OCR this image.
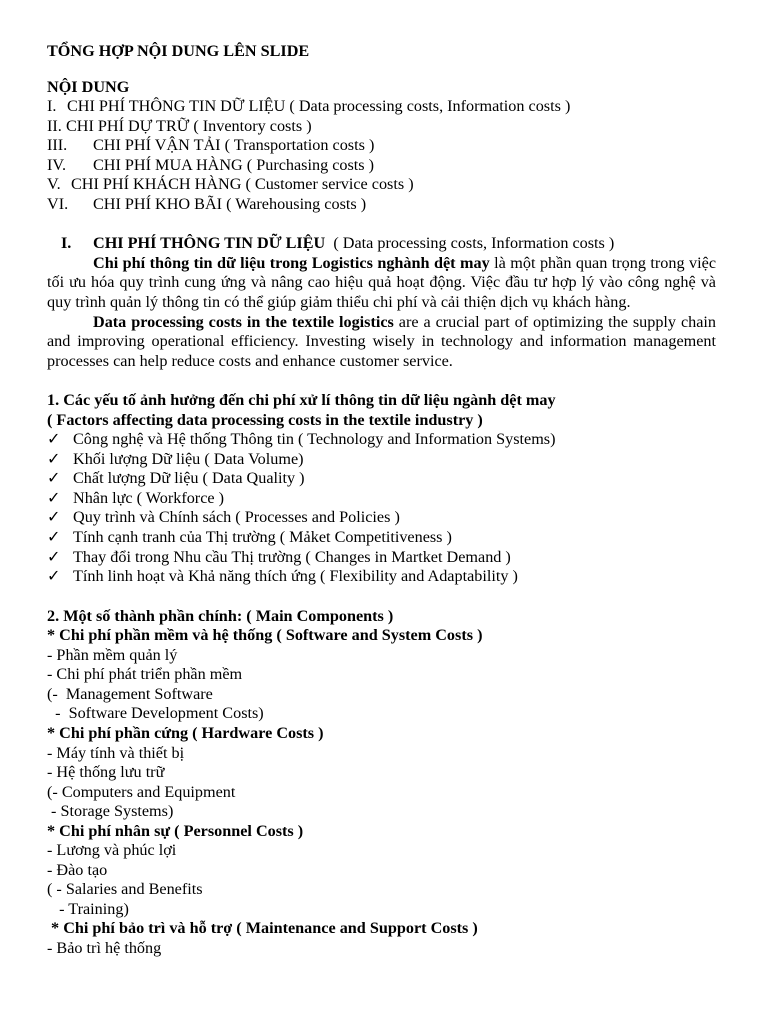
TỔNG HỢP NỘI DUNG LÊN SLIDE
NỘI DUNG
I. CHI PHÍ THÔNG TIN DỮ LIỆU ( Data processing costs, Information costs )
II. CHI PHÍ DỰ TRỮ ( Inventory costs )
III. CHI PHÍ VẬN TẢI ( Transportation costs )
IV. CHI PHÍ MUA HÀNG ( Purchasing costs )
V. CHI PHÍ KHÁCH HÀNG ( Customer service costs )
VI. CHI PHÍ KHO BÃI ( Warehousing costs )
I. CHI PHÍ THÔNG TIN DỮ LIỆU ( Data processing costs, Information costs )

Chi phí thông tin dữ liệu trong Logistics nghành dệt may là một phần quan trọng trong việc tối ưu hóa quy trình cung ứng và nâng cao hiệu quả hoạt động. Việc đầu tư hợp lý vào công nghệ và quy trình quản lý thông tin có thể giúp giảm thiểu chi phí và cải thiện dịch vụ khách hàng.

Data processing costs in the textile logistics are a crucial part of optimizing the supply chain and improving operational efficiency. Investing wisely in technology and information management processes can help reduce costs and enhance customer service.

1. Các yếu tố ảnh hưởng đến chi phí xử lí thông tin dữ liệu ngành dệt may
( Factors affecting data processing costs in the textile industry )
✓ Công nghệ và Hệ thống Thông tin ( Technology and Information Systems)
✓ Khối lượng Dữ liệu ( Data Volume)
✓ Chất lượng Dữ liệu ( Data Quality )
✓ Nhân lực ( Workforce )
✓ Quy trình và Chính sách ( Processes and Policies )
✓ Tính cạnh tranh của Thị trường ( Mảket Competitiveness )
✓ Thay đổi trong Nhu cầu Thị trường ( Changes in Martket Demand )
✓ Tính linh hoạt và Khả năng thích ứng ( Flexibility and Adaptability )
2. Một số thành phần chính: ( Main Components )
* Chi phí phần mềm và hệ thống ( Software and System Costs )
- Phần mềm quản lý
- Chi phí phát triển phần mềm
(-  Management Software
-  Software Development Costs)
* Chi phí phần cứng ( Hardware Costs )
- Máy tính và thiết bị
- Hệ thống lưu trữ
(- Computers and Equipment
- Storage Systems)
* Chi phí nhân sự ( Personnel Costs )
- Lương và phúc lợi
- Đào tạo
( - Salaries and Benefits
- Training)
* Chi phí bảo trì và hỗ trợ ( Maintenance and Support Costs )
- Bảo trì hệ thống
